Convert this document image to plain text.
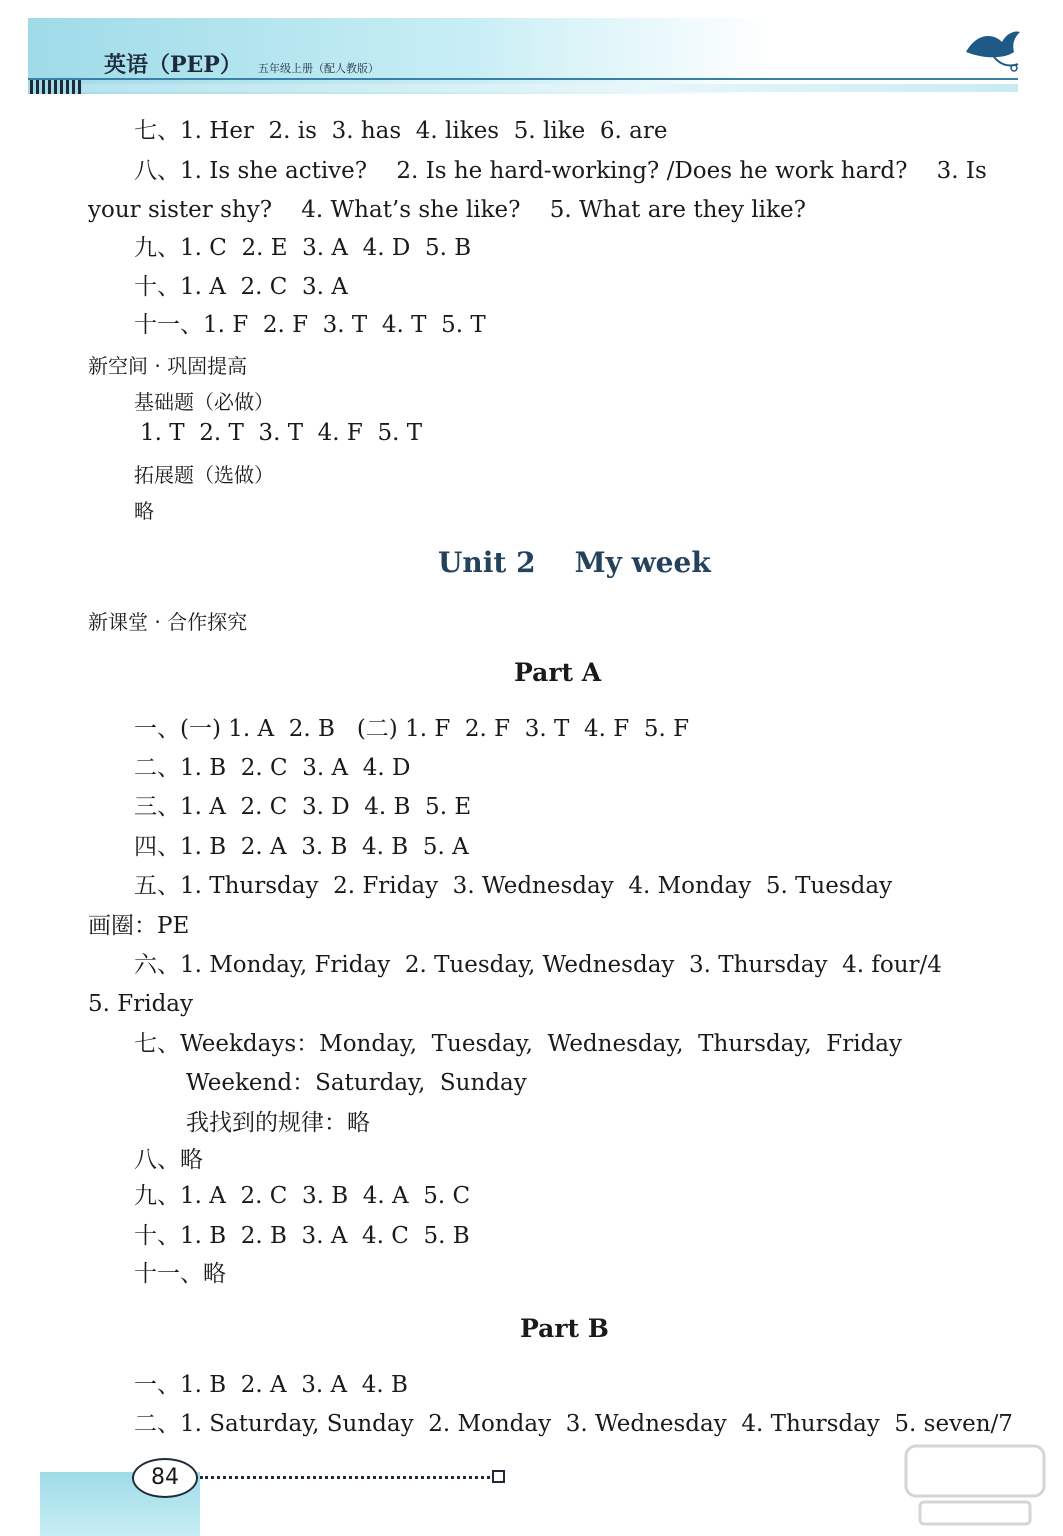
英语（PEP） 五年级上册（配人教版）
七、1. Her  2. is  3. has  4. likes  5. like  6. are
八、1. Is she active?    2. Is he hard-working? /Does he work hard?    3. Is
your sister shy?    4. What’s she like?    5. What are they like?
九、1. C  2. E  3. A  4. D  5. B
十、1. A  2. C  3. A
十一、1. F  2. F  3. T  4. T  5. T
新空间 · 巩固提高
基础题（必做）
1. T  2. T  3. T  4. F  5. T
拓展题（选做）
略
Unit 2    My week
新课堂 · 合作探究
Part A
一、(一) 1. A  2. B   (二) 1. F  2. F  3. T  4. F  5. F
二、1. B  2. C  3. A  4. D
三、1. A  2. C  3. D  4. B  5. E
四、1. B  2. A  3. B  4. B  5. A
五、1. Thursday  2. Friday  3. Wednesday  4. Monday  5. Tuesday
画圈：PE
六、1. Monday, Friday  2. Tuesday, Wednesday  3. Thursday  4. four/4
5. Friday
七、Weekdays：Monday,  Tuesday,  Wednesday,  Thursday,  Friday
Weekend：Saturday,  Sunday
我找到的规律：略
八、略
九、1. A  2. C  3. B  4. A  5. C
十、1. B  2. B  3. A  4. C  5. B
十一、略
Part B
一、1. B  2. A  3. A  4. B
二、1. Saturday, Sunday  2. Monday  3. Wednesday  4. Thursday  5. seven/7
84
